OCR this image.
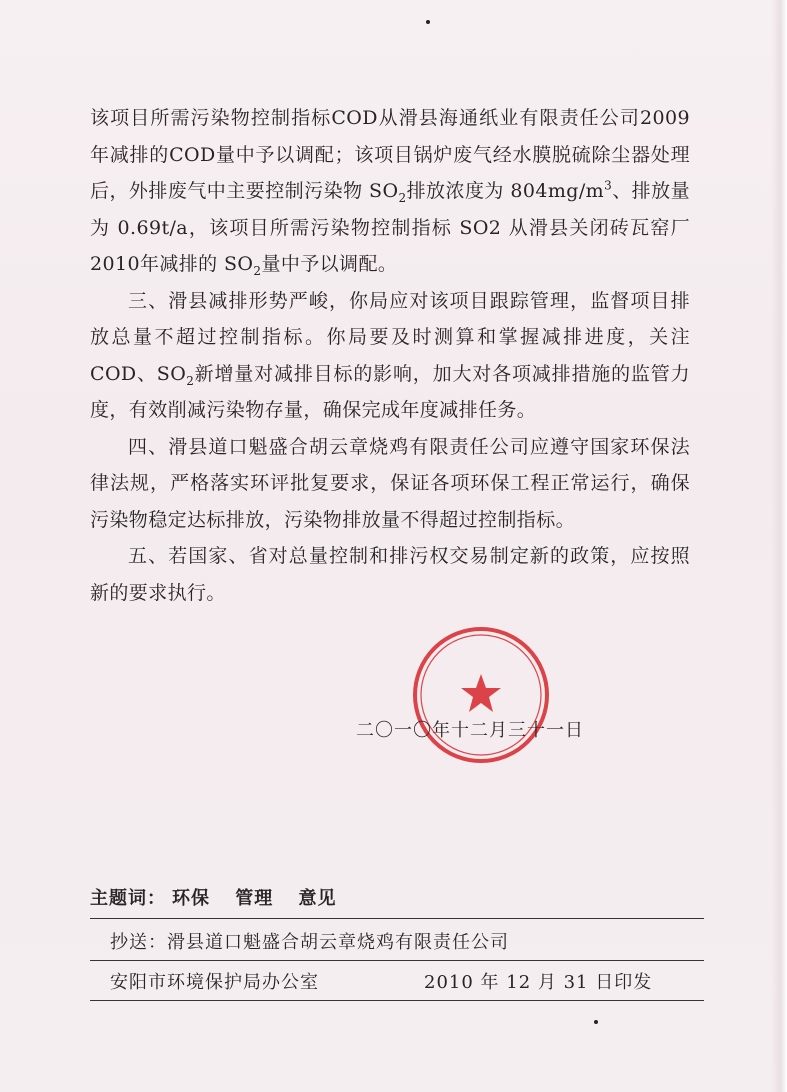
该项目所需污染物控制指标COD从滑县海通纸业有限责任公司2009年减排的COD量中予以调配；该项目锅炉废气经水膜脱硫除尘器处理后，外排废气中主要控制污染物 $SO_2$排放浓度为 $804mg/m^3$、排放量为 0.69t/a，该项目所需污染物控制指标 SO2 从滑县关闭砖瓦窑厂2010年减排的 $SO_2$量中予以调配。

三、滑县减排形势严峻，你局应对该项目跟踪管理，监督项目排放总量不超过控制指标。你局要及时测算和掌握减排进度，关注COD、$SO_2$新增量对减排目标的影响，加大对各项减排措施的监管力度，有效削减污染物存量，确保完成年度减排任务。

四、滑县道口魁盛合胡云章烧鸡有限责任公司应遵守国家环保法律法规，严格落实环评批复要求，保证各项环保工程正常运行，确保污染物稳定达标排放，污染物排放量不得超过控制指标。

五、若国家、省对总量控制和排污权交易制定新的政策，应按照新的要求执行。

二〇一〇年十二月三十一日
主题词： 环保 管理 意见
抄送：滑县道口魁盛合胡云章烧鸡有限责任公司
安阳市环境保护局办公室	2010 年 12 月 31 日印发
